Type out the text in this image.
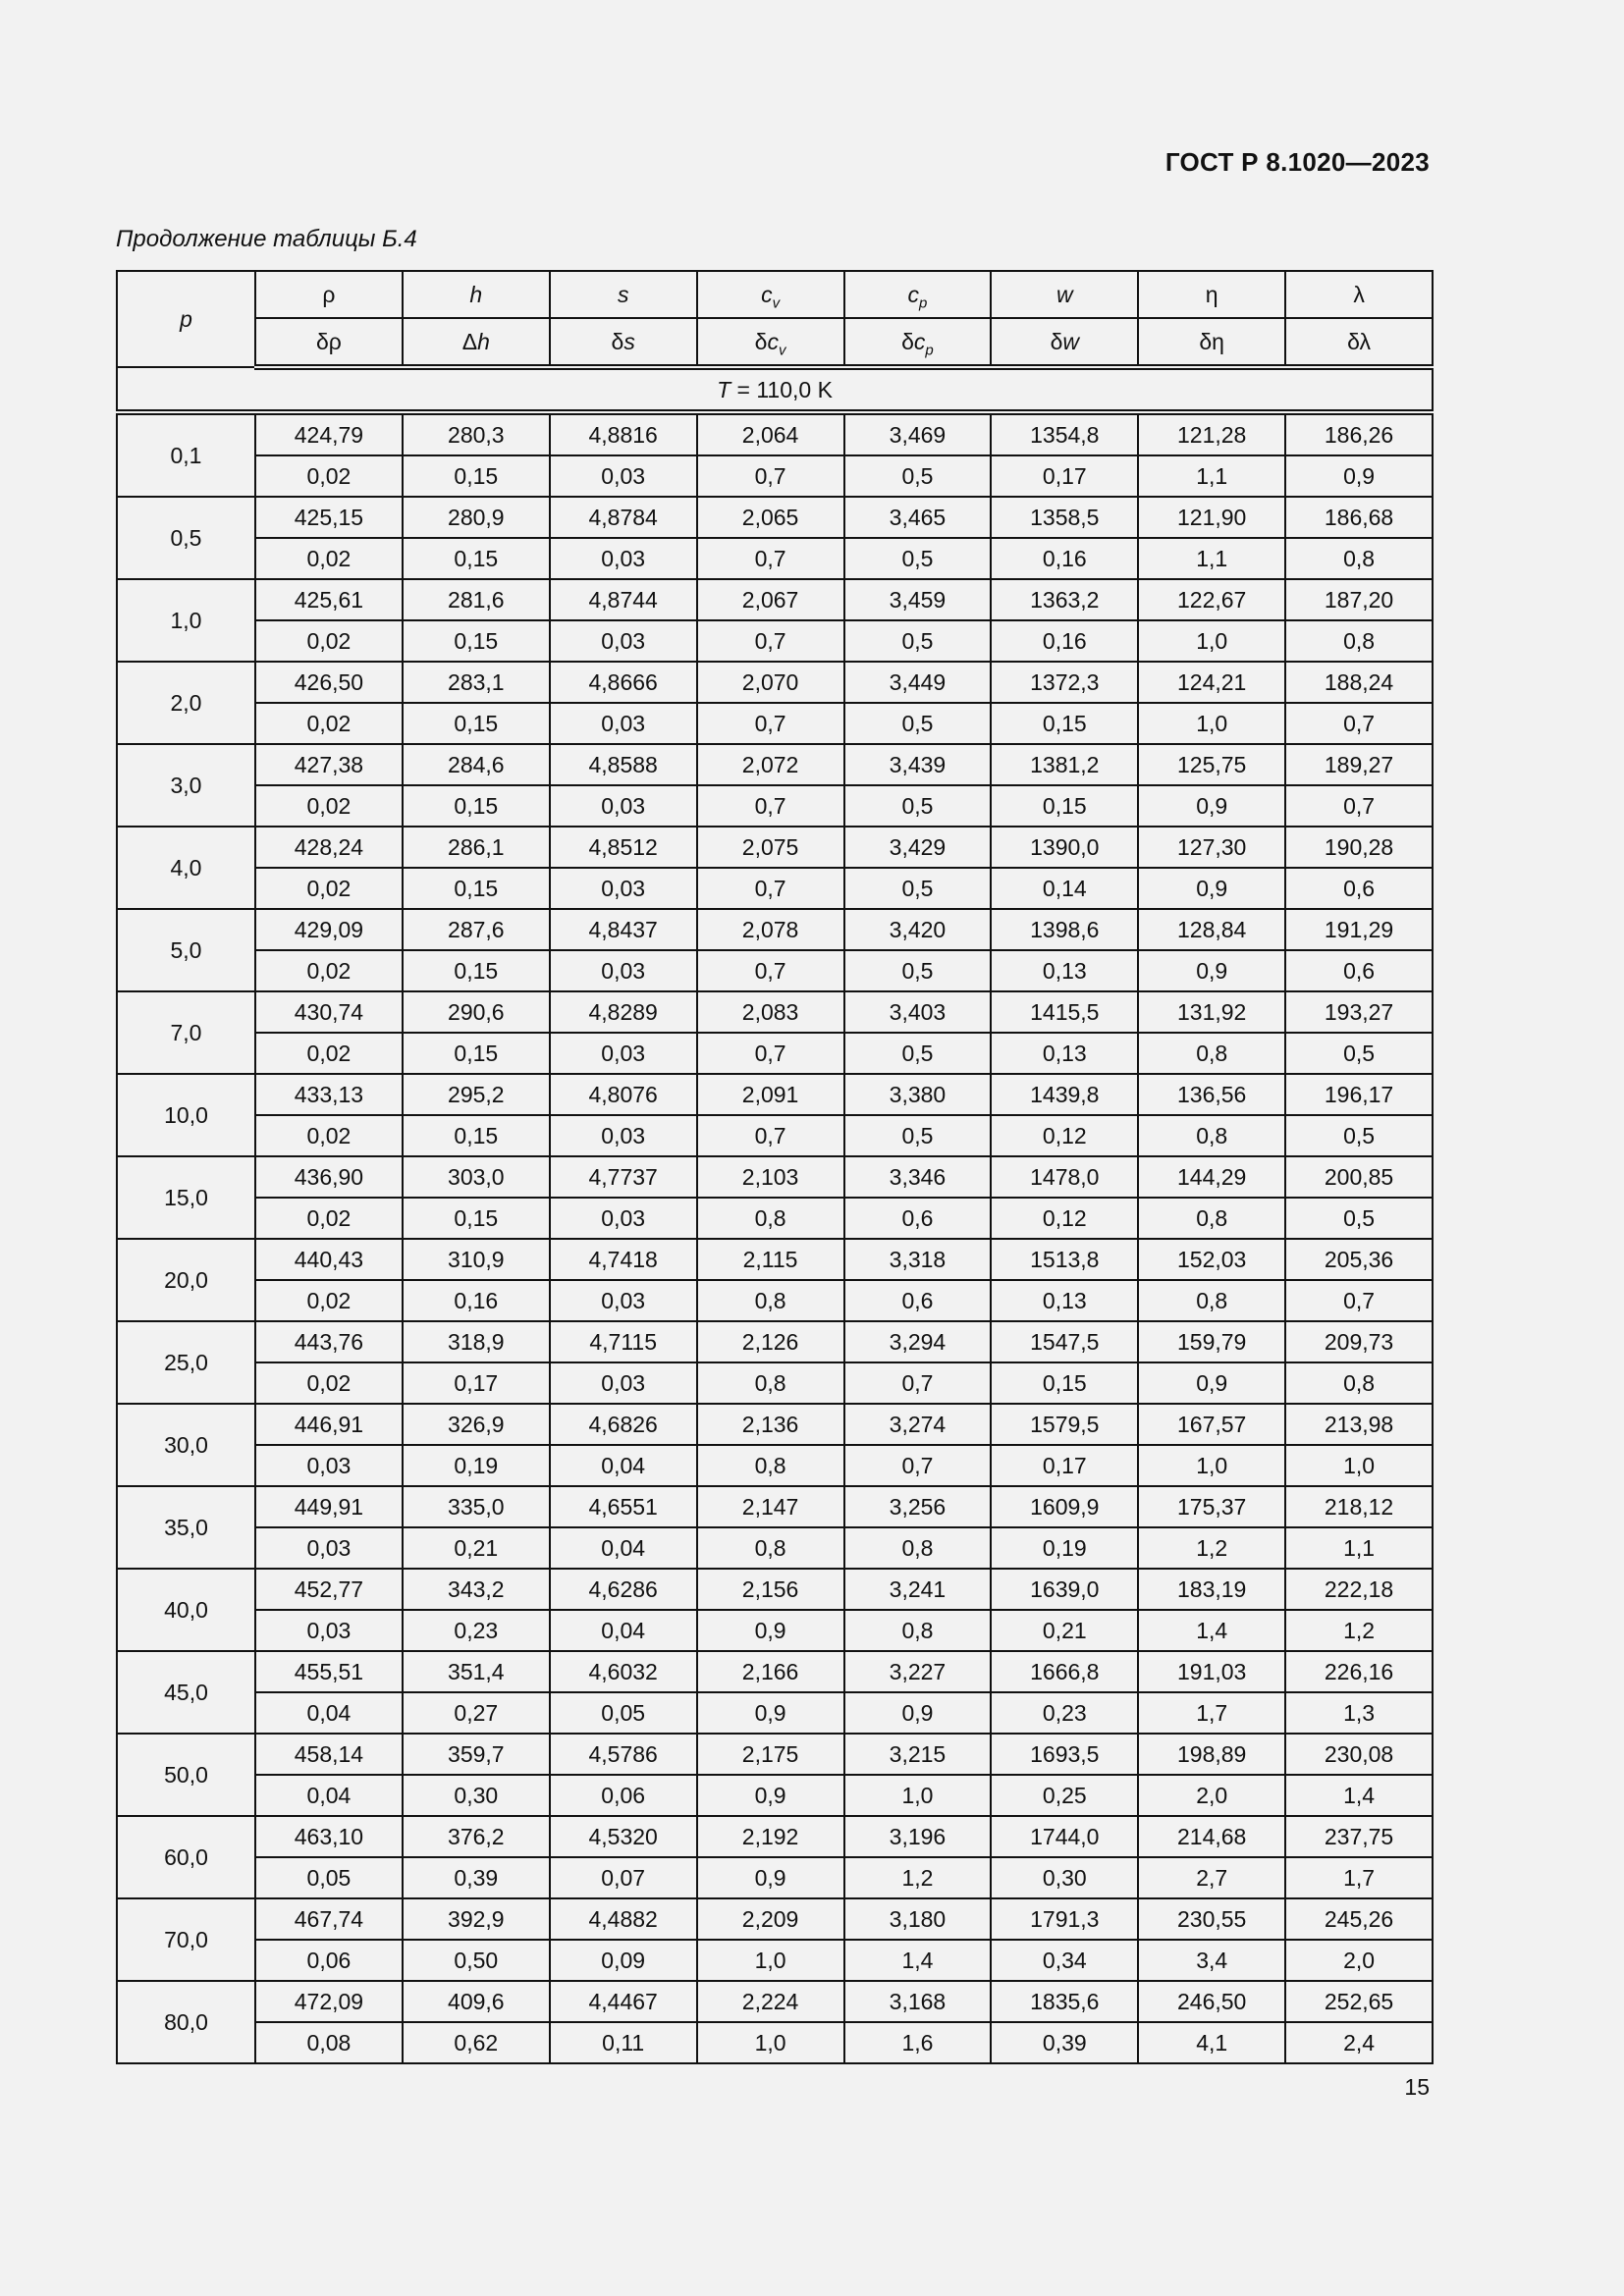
ГОСТ Р 8.1020—2023
Продолжение таблицы Б.4
p	ρ	h	s	$c_v$	$c_p$	w	η	λ
	δρ	Δh	δs	$\delta c_v$	$\delta c_p$	δw	δη	δλ
T = 110,0 K								
0,1	424,79	280,3	4,8816	2,064	3,469	1354,8	121,28	186,26
	0,02	0,15	0,03	0,7	0,5	0,17	1,1	0,9
0,5	425,15	280,9	4,8784	2,065	3,465	1358,5	121,90	186,68
	0,02	0,15	0,03	0,7	0,5	0,16	1,1	0,8
1,0	425,61	281,6	4,8744	2,067	3,459	1363,2	122,67	187,20
	0,02	0,15	0,03	0,7	0,5	0,16	1,0	0,8
2,0	426,50	283,1	4,8666	2,070	3,449	1372,3	124,21	188,24
	0,02	0,15	0,03	0,7	0,5	0,15	1,0	0,7
3,0	427,38	284,6	4,8588	2,072	3,439	1381,2	125,75	189,27
	0,02	0,15	0,03	0,7	0,5	0,15	0,9	0,7
4,0	428,24	286,1	4,8512	2,075	3,429	1390,0	127,30	190,28
	0,02	0,15	0,03	0,7	0,5	0,14	0,9	0,6
5,0	429,09	287,6	4,8437	2,078	3,420	1398,6	128,84	191,29
	0,02	0,15	0,03	0,7	0,5	0,13	0,9	0,6
7,0	430,74	290,6	4,8289	2,083	3,403	1415,5	131,92	193,27
	0,02	0,15	0,03	0,7	0,5	0,13	0,8	0,5
10,0	433,13	295,2	4,8076	2,091	3,380	1439,8	136,56	196,17
	0,02	0,15	0,03	0,7	0,5	0,12	0,8	0,5
15,0	436,90	303,0	4,7737	2,103	3,346	1478,0	144,29	200,85
	0,02	0,15	0,03	0,8	0,6	0,12	0,8	0,5
20,0	440,43	310,9	4,7418	2,115	3,318	1513,8	152,03	205,36
	0,02	0,16	0,03	0,8	0,6	0,13	0,8	0,7
25,0	443,76	318,9	4,7115	2,126	3,294	1547,5	159,79	209,73
	0,02	0,17	0,03	0,8	0,7	0,15	0,9	0,8
30,0	446,91	326,9	4,6826	2,136	3,274	1579,5	167,57	213,98
	0,03	0,19	0,04	0,8	0,7	0,17	1,0	1,0
35,0	449,91	335,0	4,6551	2,147	3,256	1609,9	175,37	218,12
	0,03	0,21	0,04	0,8	0,8	0,19	1,2	1,1
40,0	452,77	343,2	4,6286	2,156	3,241	1639,0	183,19	222,18
	0,03	0,23	0,04	0,9	0,8	0,21	1,4	1,2
45,0	455,51	351,4	4,6032	2,166	3,227	1666,8	191,03	226,16
	0,04	0,27	0,05	0,9	0,9	0,23	1,7	1,3
50,0	458,14	359,7	4,5786	2,175	3,215	1693,5	198,89	230,08
	0,04	0,30	0,06	0,9	1,0	0,25	2,0	1,4
60,0	463,10	376,2	4,5320	2,192	3,196	1744,0	214,68	237,75
	0,05	0,39	0,07	0,9	1,2	0,30	2,7	1,7
70,0	467,74	392,9	4,4882	2,209	3,180	1791,3	230,55	245,26
	0,06	0,50	0,09	1,0	1,4	0,34	3,4	2,0
80,0	472,09	409,6	4,4467	2,224	3,168	1835,6	246,50	252,65
	0,08	0,62	0,11	1,0	1,6	0,39	4,1	2,4
15
